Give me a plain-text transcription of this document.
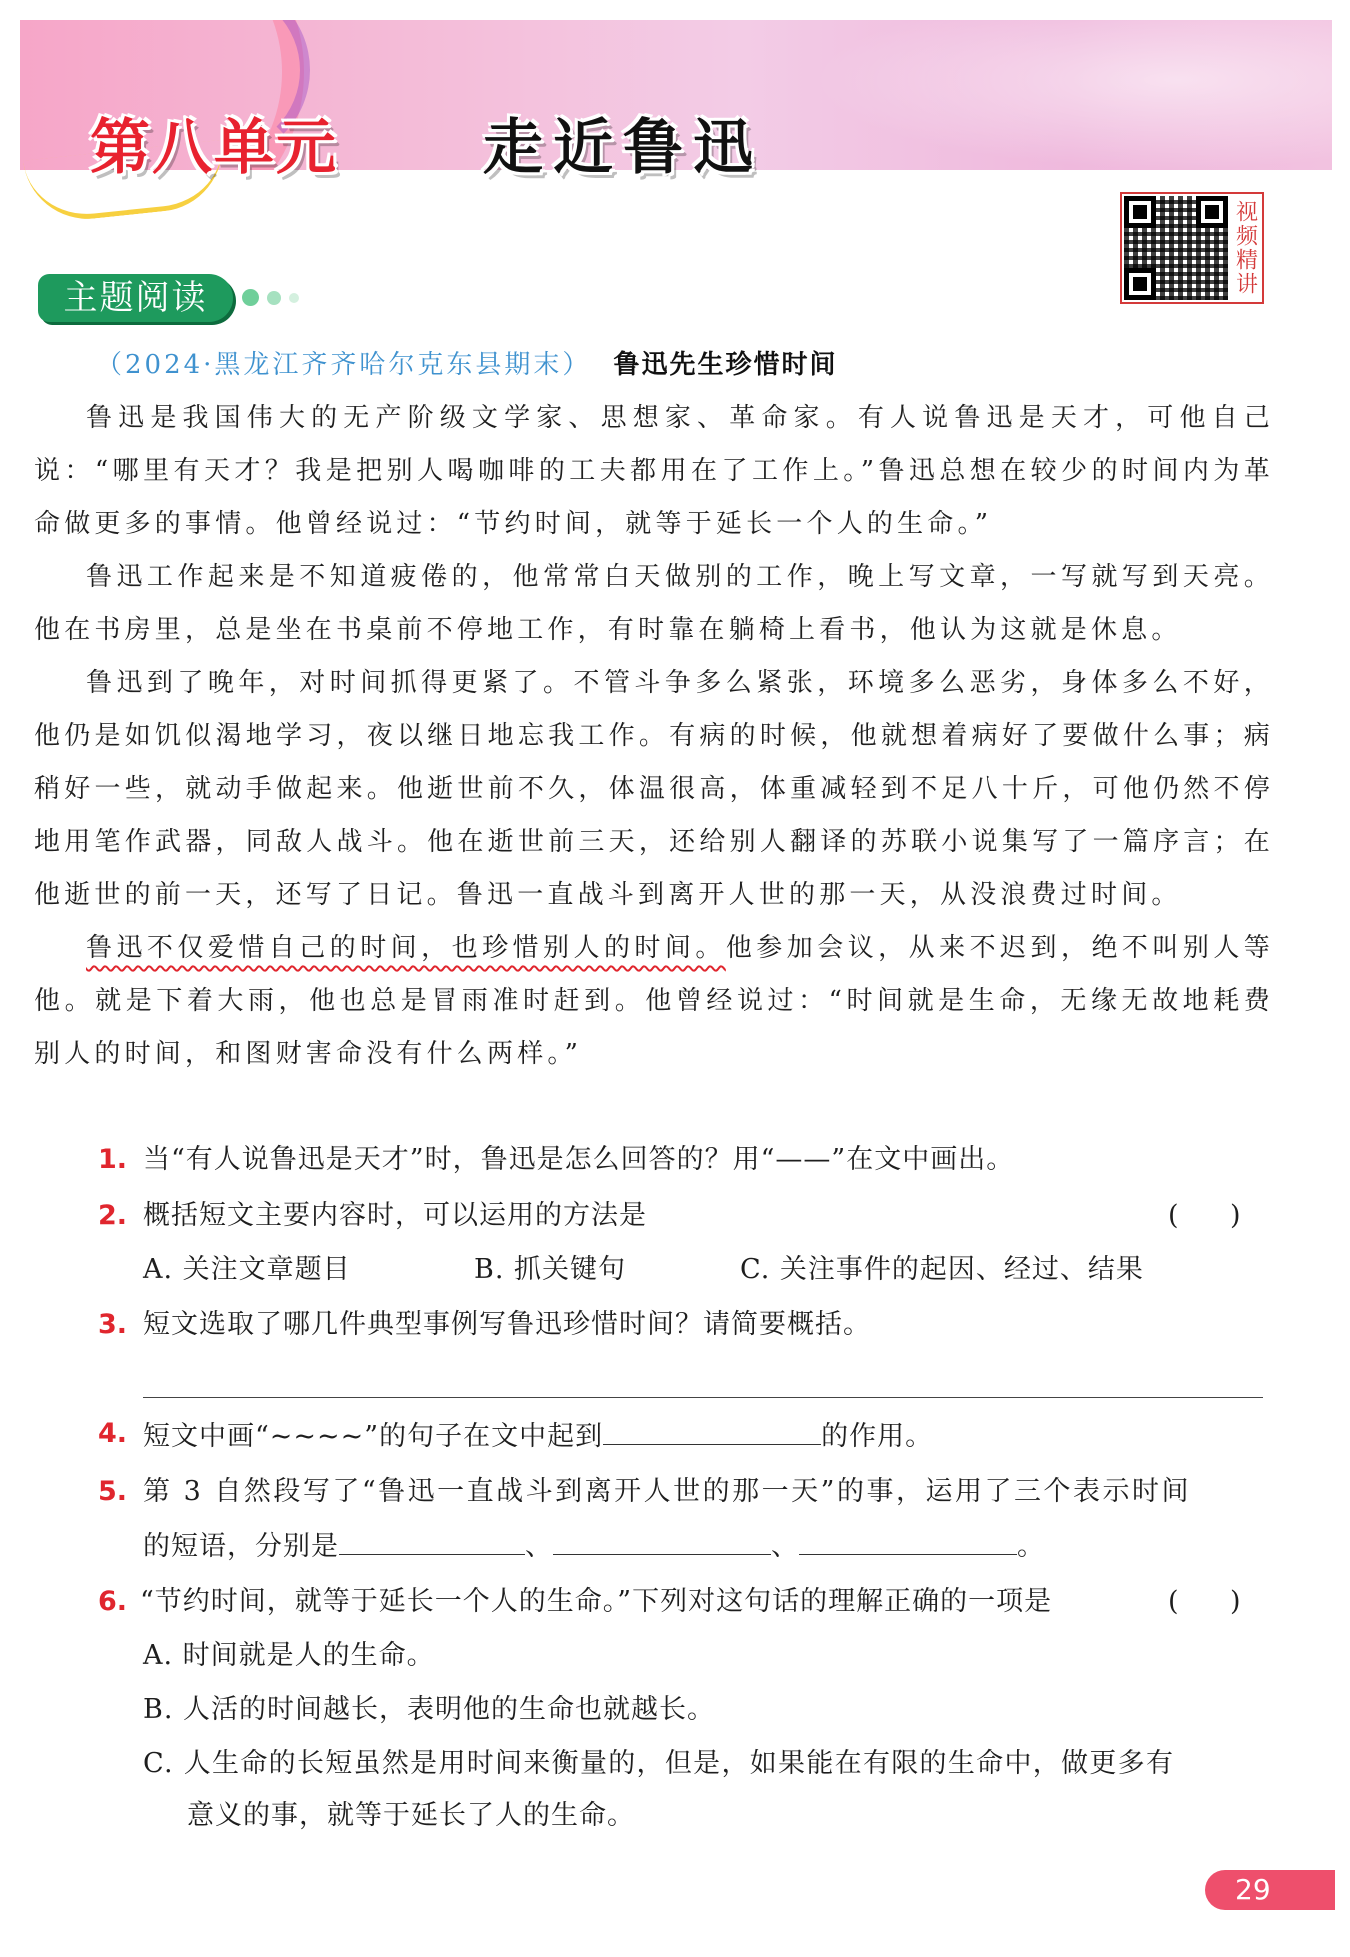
第八单元 走近鲁迅
视频精讲
主题阅读
（2024·黑龙江齐齐哈尔克东县期末） 鲁迅先生珍惜时间

鲁迅是我国伟大的无产阶级文学家、思想家、革命家。有人说鲁迅是天才，可他自己说：“哪里有天才？我是把别人喝咖啡的工夫都用在了工作上。”鲁迅总想在较少的时间内为革命做更多的事情。他曾经说过：“节约时间，就等于延长一个人的生命。”

鲁迅工作起来是不知道疲倦的，他常常白天做别的工作，晚上写文章，一写就写到天亮。他在书房里，总是坐在书桌前不停地工作，有时靠在躺椅上看书，他认为这就是休息。

鲁迅到了晚年，对时间抓得更紧了。不管斗争多么紧张，环境多么恶劣，身体多么不好，他仍是如饥似渴地学习，夜以继日地忘我工作。有病的时候，他就想着病好了要做什么事；病稍好一些，就动手做起来。他逝世前不久，体温很高，体重减轻到不足八十斤，可他仍然不停地用笔作武器，同敌人战斗。他在逝世前三天，还给别人翻译的苏联小说集写了一篇序言；在他逝世的前一天，还写了日记。鲁迅一直战斗到离开人世的那一天，从没浪费过时间。

鲁迅不仅爱惜自己的时间，也珍惜别人的时间。他参加会议，从来不迟到，绝不叫别人等他。就是下着大雨，他也总是冒雨准时赶到。他曾经说过：“时间就是生命，无缘无故地耗费别人的时间，和图财害命没有什么两样。”

1. 当“有人说鲁迅是天才”时，鲁迅是怎么回答的？用“——”在文中画出。
2. 概括短文主要内容时，可以运用的方法是	(      )
A. 关注文章题目	B. 抓关键句	C. 关注事件的起因、经过、结果
3. 短文选取了哪几件典型事例写鲁迅珍惜时间？请简要概括。
4. 短文中画“~~~~”的句子在文中起到	的作用。
5. 第 3 自然段写了“鲁迅一直战斗到离开人世的那一天”的事，运用了三个表示时间
的短语，分别是	、	、	。
6. “节约时间，就等于延长一个人的生命。”下列对这句话的理解正确的一项是	(      )
A. 时间就是人的生命。
B. 人活的时间越长，表明他的生命也就越长。
C. 人生命的长短虽然是用时间来衡量的，但是，如果能在有限的生命中，做更多有
意义的事，就等于延长了人的生命。
29
